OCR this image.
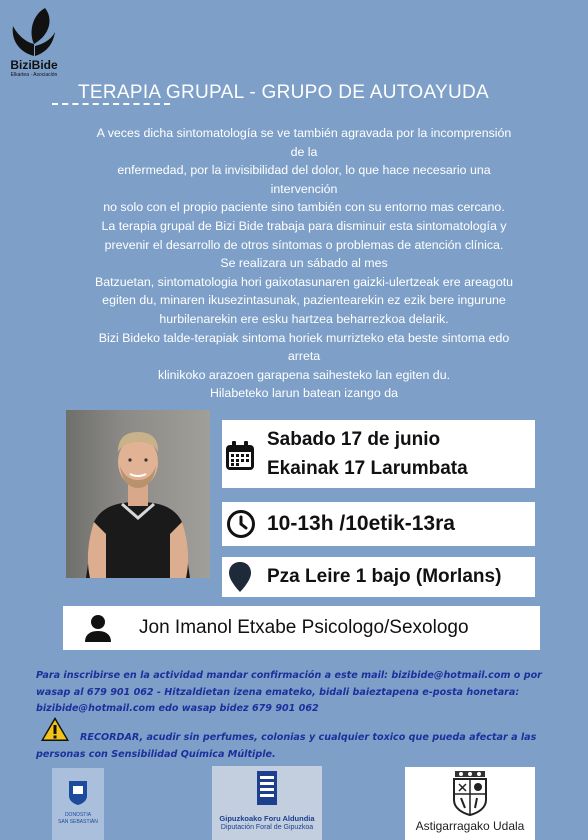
BiziBide
Elkartea · Asociación
TERAPIA GRUPAL - GRUPO DE AUTOAYUDA
A veces dicha sintomatología se ve también agravada por la incomprensión
de la
enfermedad, por la invisibilidad del dolor, lo que hace necesario una
intervención
no solo con el propio paciente sino también con su entorno mas cercano.
La terapia grupal de Bizi Bide trabaja para disminuir esta sintomatología y
prevenir el desarrollo de otros síntomas o problemas de atención clínica.
Se realizara un sábado al mes
Batzuetan, sintomatologia hori gaixotasunaren gaizki-ulertzeak ere areagotu
egiten du, minaren ikusezintasunak, pazientearekin ez ezik bere ingurune
hurbilenarekin ere esku hartzea beharrezkoa delarik.
Bizi Bideko talde-terapiak sintoma horiek murrizteko eta beste sintoma edo
arreta
klinikoko arazoen garapena saihesteko lan egiten du.
Hilabeteko larun batean izango da
Sabado 17 de junio
Ekainak 17 Larumbata
10-13h /10etik-13ra
Pza Leire 1 bajo (Morlans)
Jon Imanol Etxabe Psicologo/Sexologo
Para inscribirse en la actividad mandar confirmación a este mail: bizibide@hotmail.com o por wasap al 679 901 062 - Hitzaldietan izena emateko, bidali baieztapena e-posta honetara: bizibide@hotmail.com edo wasap bidez 679 901 062
RECORDAR, acudir sin perfumes, colonias y cualquier toxico que pueda afectar a las personas con Sensibilidad Química Múltiple.
DONOSTIA
SAN SEBASTIÁN	Gipuzkoako Foru Aldundia
Diputación Foral de Gipuzkoa	Astigarragako Udala
